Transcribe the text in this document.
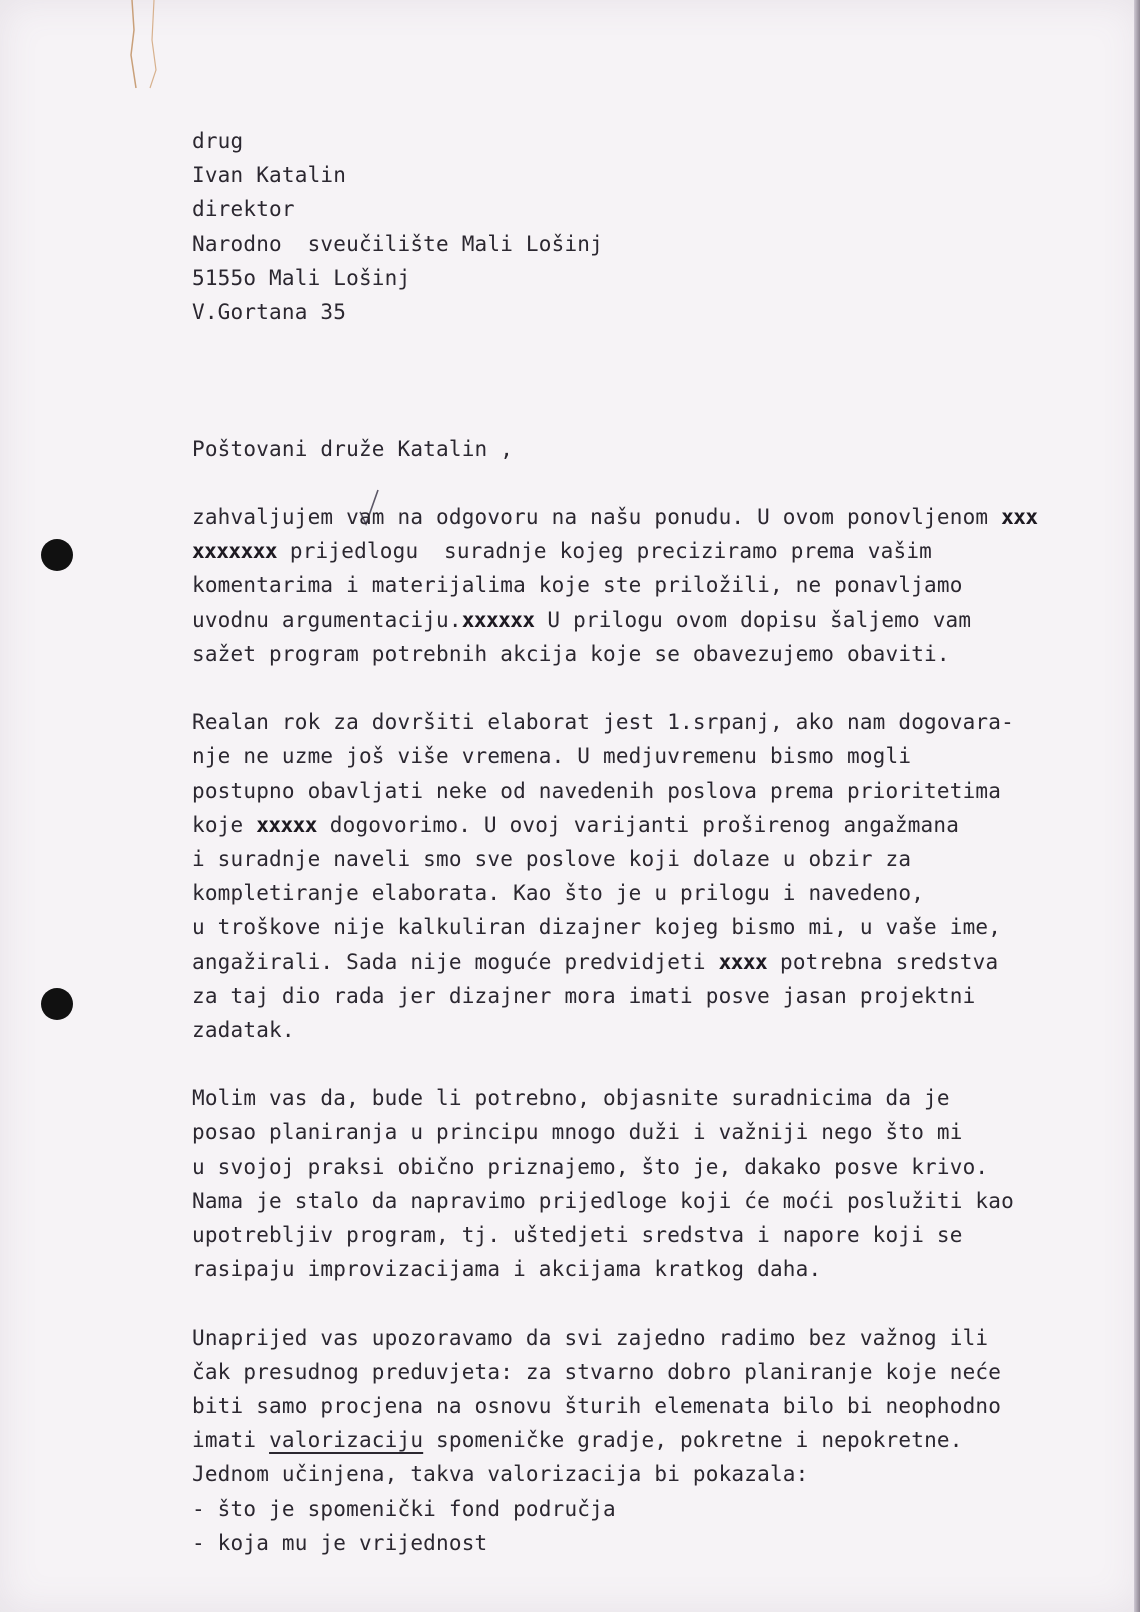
drug
Ivan Katalin
direktor
Narodno  sveučilište Mali Lošinj
5155o Mali Lošinj
V.Gortana 35
Poštovani druže Katalin ,
zahvaljujem vam na odgovoru na našu ponudu. U ovom ponovljenom xxx
xxxxxxx prijedlogu  suradnje kojeg preciziramo prema vašim
komentarima i materijalima koje ste priložili, ne ponavljamo
uvodnu argumentaciju.xxxxxx U prilogu ovom dopisu šaljemo vam
sažet program potrebnih akcija koje se obavezujemo obaviti.
Realan rok za dovršiti elaborat jest 1.srpanj, ako nam dogovara-
nje ne uzme još više vremena. U medjuvremenu bismo mogli
postupno obavljati neke od navedenih poslova prema prioritetima
koje xxxxx dogovorimo. U ovoj varijanti proširenog angažmana
i suradnje naveli smo sve poslove koji dolaze u obzir za
kompletiranje elaborata. Kao što je u prilogu i navedeno,
u troškove nije kalkuliran dizajner kojeg bismo mi, u vaše ime,
angažirali. Sada nije moguće predvidjeti xxxx potrebna sredstva
za taj dio rada jer dizajner mora imati posve jasan projektni
zadatak.
Molim vas da, bude li potrebno, objasnite suradnicima da je
posao planiranja u principu mnogo duži i važniji nego što mi
u svojoj praksi obično priznajemo, što je, dakako posve krivo.
Nama je stalo da napravimo prijedloge koji će moći poslužiti kao
upotrebljiv program, tj. uštedjeti sredstva i napore koji se
rasipaju improvizacijama i akcijama kratkog daha.
Unaprijed vas upozoravamo da svi zajedno radimo bez važnog ili
čak presudnog preduvjeta: za stvarno dobro planiranje koje neće
biti samo procjena na osnovu šturih elemenata bilo bi neophodno
imati valorizaciju spomeničke gradje, pokretne i nepokretne.
Jednom učinjena, takva valorizacija bi pokazala:
- što je spomenički fond područja
- koja mu je vrijednost
